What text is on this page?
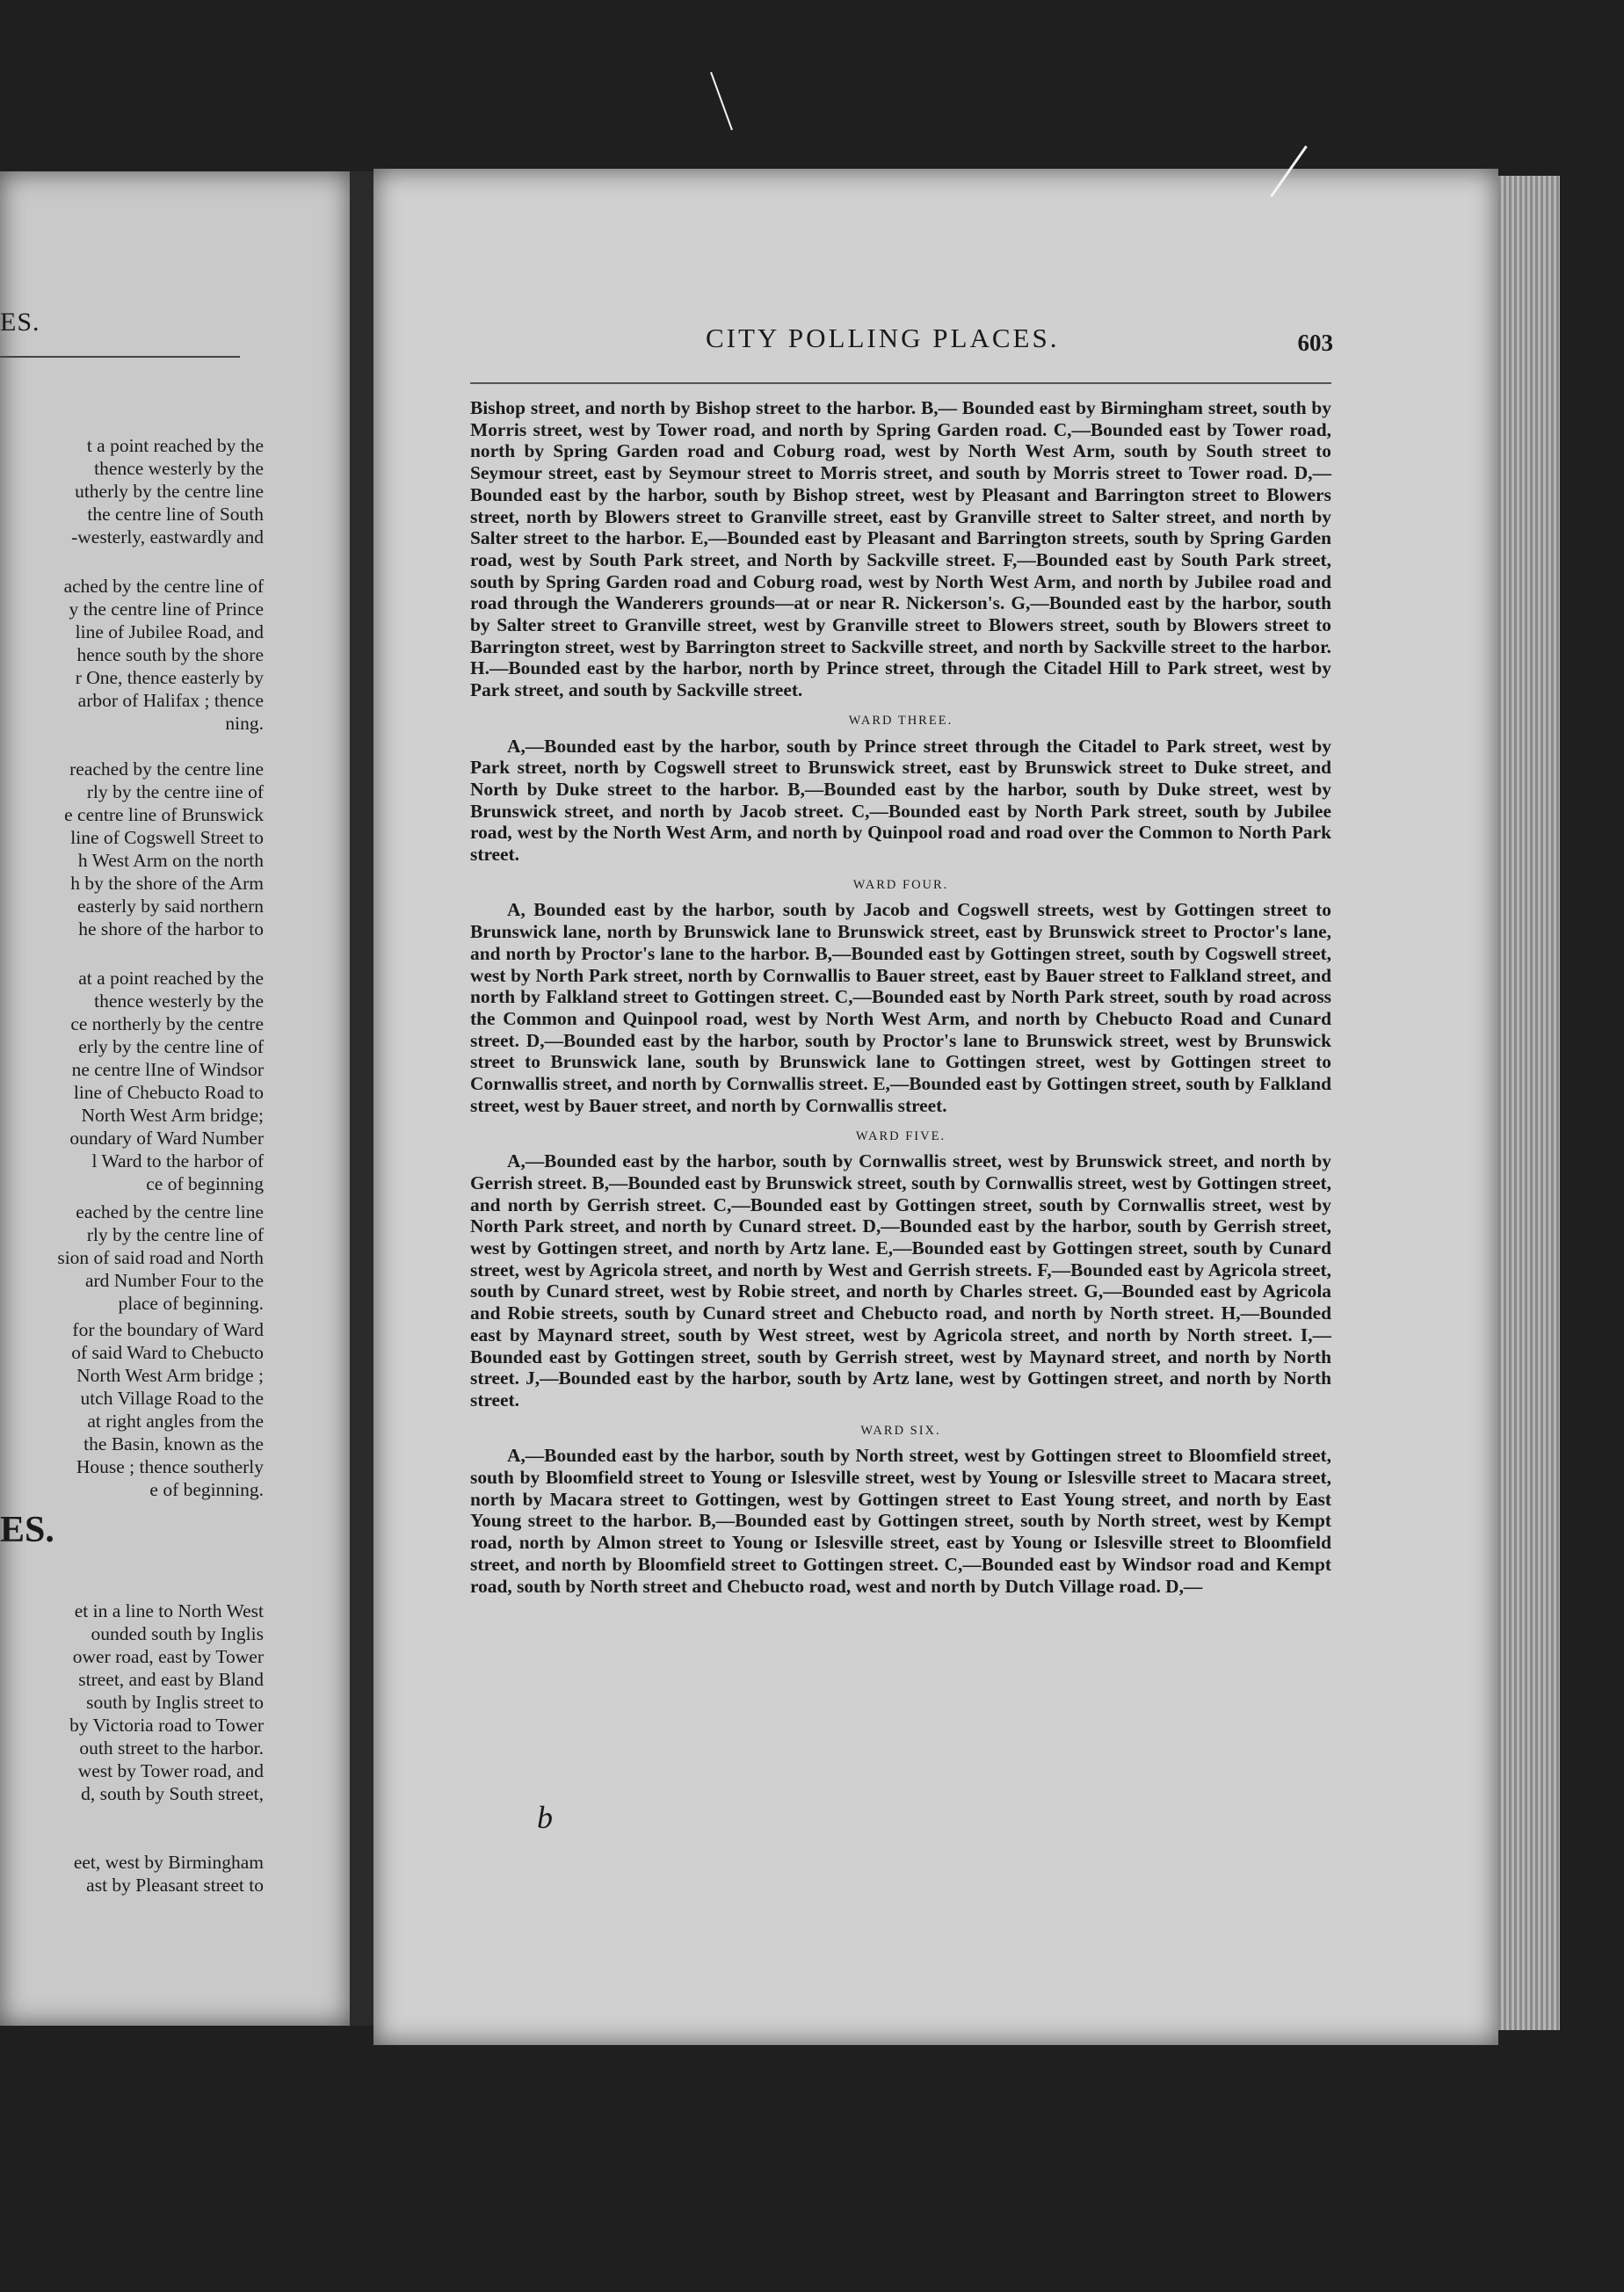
ES.
t a point reached by the
thence westerly by the
utherly by the centre line
the centre line of South
-westerly, eastwardly and
ached by the centre line of
y the centre line of Prince
line of Jubilee Road, and
hence south by the shore
r One, thence easterly by
arbor of Halifax ; thence
ning.
reached by the centre line
rly by the centre iine of
e centre line of Brunswick
line of Cogswell Street to
h West Arm on the north
h by the shore of the Arm
easterly by said northern
he shore of the harbor to
at a point reached by the
thence westerly by the
ce northerly by the centre
erly by the centre line of
ne centre lIne of Windsor
line of Chebucto Road to
North West Arm bridge;
oundary of Ward Number
l Ward to the harbor of
ce of beginning
eached by the centre line
rly by the centre line of
sion of said road and North
ard Number Four to the
place of beginning.
for the boundary of Ward
of said Ward to Chebucto
North West Arm bridge ;
utch Village Road to the
at right angles from the
the Basin, known as the
House ; thence southerly
e of beginning.
et in a line to North West
ounded south by Inglis
ower road, east by Tower
street, and east by Bland
south by Inglis street to
by Victoria road to Tower
outh street to the harbor.
west by Tower road, and
d, south by South street,
eet, west by Birmingham
ast by Pleasant street to
ES.
CITY POLLING PLACES.	603

Bishop street, and north by Bishop street to the harbor. B,— Bounded east by Birmingham street, south by Morris street, west by Tower road, and north by Spring Garden road. C,—Bounded east by Tower road, north by Spring Garden road and Coburg road, west by North West Arm, south by South street to Seymour street, east by Seymour street to Morris street, and south by Morris street to Tower road. D,—Bounded east by the harbor, south by Bishop street, west by Pleasant and Barrington street to Blowers street, north by Blowers street to Granville street, east by Granville street to Salter street, and north by Salter street to the harbor. E,—Bounded east by Pleasant and Barrington streets, south by Spring Garden road, west by South Park street, and North by Sackville street. F,—Bounded east by South Park street, south by Spring Garden road and Coburg road, west by North West Arm, and north by Jubilee road and road through the Wanderers grounds—at or near R. Nickerson's. G,—Bounded east by the harbor, south by Salter street to Granville street, west by Granville street to Blowers street, south by Blowers street to Barrington street, west by Barrington street to Sackville street, and north by Sackville street to the harbor. H.—Bounded east by the harbor, north by Prince street, through the Citadel Hill to Park street, west by Park street, and south by Sackville street.

WARD THREE.

A,—Bounded east by the harbor, south by Prince street through the Citadel to Park street, west by Park street, north by Cogswell street to Brunswick street, east by Brunswick street to Duke street, and North by Duke street to the harbor. B,—Bounded east by the harbor, south by Duke street, west by Brunswick street, and north by Jacob street. C,—Bounded east by North Park street, south by Jubilee road, west by the North West Arm, and north by Quinpool road and road over the Common to North Park street.

WARD FOUR.

A, Bounded east by the harbor, south by Jacob and Cogswell streets, west by Gottingen street to Brunswick lane, north by Brunswick lane to Brunswick street, east by Brunswick street to Proctor's lane, and north by Proctor's lane to the harbor. B,—Bounded east by Gottingen street, south by Cogswell street, west by North Park street, north by Cornwallis to Bauer street, east by Bauer street to Falkland street, and north by Falkland street to Gottingen street. C,—Bounded east by North Park street, south by road across the Common and Quinpool road, west by North West Arm, and north by Chebucto Road and Cunard street. D,—Bounded east by the harbor, south by Proctor's lane to Brunswick street, west by Brunswick street to Brunswick lane, south by Brunswick lane to Gottingen street, west by Gottingen street to Cornwallis street, and north by Cornwallis street. E,—Bounded east by Gottingen street, south by Falkland street, west by Bauer street, and north by Cornwallis street.

WARD FIVE.

A,—Bounded east by the harbor, south by Cornwallis street, west by Brunswick street, and north by Gerrish street. B,—Bounded east by Brunswick street, south by Cornwallis street, west by Gottingen street, and north by Gerrish street. C,—Bounded east by Gottingen street, south by Cornwallis street, west by North Park street, and north by Cunard street. D,—Bounded east by the harbor, south by Gerrish street, west by Gottingen street, and north by Artz lane. E,—Bounded east by Gottingen street, south by Cunard street, west by Agricola street, and north by West and Gerrish streets. F,—Bounded east by Agricola street, south by Cunard street, west by Robie street, and north by Charles street. G,—Bounded east by Agricola and Robie streets, south by Cunard street and Chebucto road, and north by North street. H,—Bounded east by Maynard street, south by West street, west by Agricola street, and north by North street. I,—Bounded east by Gottingen street, south by Gerrish street, west by Maynard street, and north by North street. J,—Bounded east by the harbor, south by Artz lane, west by Gottingen street, and north by North street.

WARD SIX.

A,—Bounded east by the harbor, south by North street, west by Gottingen street to Bloomfield street, south by Bloomfield street to Young or Islesville street, west by Young or Islesville street to Macara street, north by Macara street to Gottingen, west by Gottingen street to East Young street, and north by East Young street to the harbor. B,—Bounded east by Gottingen street, south by North street, west by Kempt road, north by Almon street to Young or Islesville street, east by Young or Islesville street to Bloomfield street, and north by Bloomfield street to Gottingen street. C,—Bounded east by Windsor road and Kempt road, south by North street and Chebucto road, west and north by Dutch Village road. D,—

b
